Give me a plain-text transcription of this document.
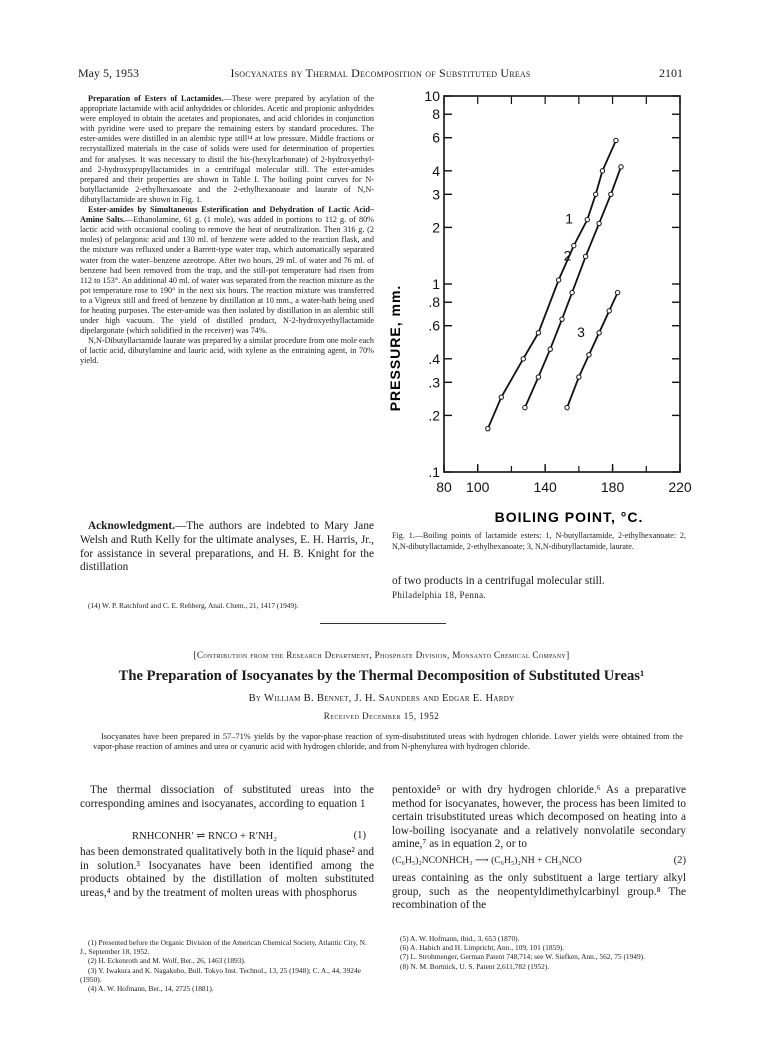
May 5, 1953	Isocyanates by Thermal Decomposition of Substituted Ureas	2101

Preparation of Esters of Lactamides.—These were prepared by acylation of the appropriate lactamide with acid anhydrides or chlorides. Acetic and propionic anhydrides were employed to obtain the acetates and propionates, and acid chlorides in conjunction with pyridine were used to prepare the remaining esters by standard procedures. The ester-amides were distilled in an alembic type still¹⁴ at low pressure. Middle fractions or recrystallized materials in the case of solids were used for determination of properties and for analyses. It was necessary to distil the bis-(hexylcarbonate) of 2-hydroxyethyl- and 2-hydroxypropyllactamides in a centrifugal molecular still. The ester-amides prepared and their properties are shown in Table I. The boiling point curves for N-butyllactamide 2-ethylhexanoate and the 2-ethylhexanoate and laurate of N,N-dibutyllactamide are shown in Fig. 1.

Ester-amides by Simultaneous Esterification and Dehydration of Lactic Acid–Amine Salts.—Ethanolamine, 61 g. (1 mole), was added in portions to 112 g. of 80% lactic acid with occasional cooling to remove the heat of neutralization. Then 316 g. (2 moles) of pelargonic acid and 130 ml. of benzene were added to the reaction flask, and the mixture was refluxed under a Barrett-type water trap, which automatically separated water from the water–benzene azeotrope. After two hours, 29 ml. of water and 76 ml. of benzene had been removed from the trap, and the still-pot temperature had risen from 112 to 153°. An additional 40 ml. of water was separated from the reaction mixture as the pot temperature rose to 190° in the next six hours. The reaction mixture was transferred to a Vigreux still and freed of benzene by distillation at 10 mm., a water-bath being used for heating purposes. The ester-amide was then isolated by distillation in an alembic still under high vacuum. The yield of distilled product, N-2-hydroxyethyllactamide dipelargonate (which solidified in the receiver) was 74%.

N,N-Dibutyllactamide laurate was prepared by a similar procedure from one mole each of lactic acid, dibutylamine and lauric acid, with xylene as the entraining agent, in 70% yield.

Acknowledgment.—The authors are indebted to Mary Jane Welsh and Ruth Kelly for the ultimate analyses, E. H. Harris, Jr., for assistance in several preparations, and H. B. Knight for the distillation

(14) W. P. Ratchford and C. E. Rehberg, Anal. Chem., 21, 1417 (1949).

10
8
6
4
3
2
1
.8
.6
.4
.3
.2
.1
80 100	140	180	220
1
2
3
PRESSURE, mm.
BOILING POINT, °C.
Fig. 1.—Boiling points of lactamide esters: 1, N-butyllactamide, 2-ethylhexanoate: 2, N,N-dibutyllactamide, 2-ethylhexanoate; 3, N,N-dibutyllactamide, laurate.
of two products in a centrifugal molecular still.
Philadelphia 18, Penna.
[Contribution from the Research Department, Phosphate Division, Monsanto Chemical Company]
The Preparation of Isocyanates by the Thermal Decomposition of Substituted Ureas¹
By William B. Bennet, J. H. Saunders and Edgar E. Hardy
Received December 15, 1952

Isocyanates have been prepared in 57–71% yields by the vapor-phase reaction of sym-disubstituted ureas with hydrogen chloride. Lower yields were obtained from the vapor-phase reaction of amines and urea or cyanuric acid with hydrogen chloride, and from N-phenylurea with hydrogen chloride.

The thermal dissociation of substituted ureas into the corresponding amines and isocyanates, according to equation 1

RNHCONHR′ ⇌ RNCO + R′NH₂	(1)

has been demonstrated qualitatively both in the liquid phase² and in solution.³ Isocyanates have been identified among the products obtained by the distillation of molten substituted ureas,⁴ and by the treatment of molten ureas with phosphorus

(1) Presented before the Organic Division of the American Chemical Society, Atlantic City, N. J., September 18, 1952.

(2) H. Eckenroth and M. Wolf, Ber., 26, 1463 (1893).

(3) Y. Iwakura and K. Nagakubo, Bull. Tokyo Inst. Technol., 13, 25 (1948); C. A., 44, 3924e (1950).

(4) A. W. Hofmann, Ber., 14, 2725 (1881).

pentoxide⁵ or with dry hydrogen chloride.⁶ As a preparative method for isocyanates, however, the process has been limited to certain trisubstituted ureas which decomposed on heating into a low-boiling isocyanate and a relatively nonvolatile secondary amine,⁷ as in equation 2, or to

(C₆H₅)₂NCONHCH₃ ⟶ (C₆H₅)₂NH + CH₃NCO	(2)

ureas containing as the only substituent a large tertiary alkyl group, such as the neopentyldimethylcarbinyl group.⁸ The recombination of the

(5) A. W. Hofmann, ibid., 3, 653 (1870).

(6) A. Habich and H. Limpricht, Ann., 109, 101 (1859).

(7) L. Strohmenger, German Patent 748,714; see W. Siefken, Ann., 562, 75 (1949).

(8) N. M. Bortnick, U. S. Patent 2,611,782 (1952).
